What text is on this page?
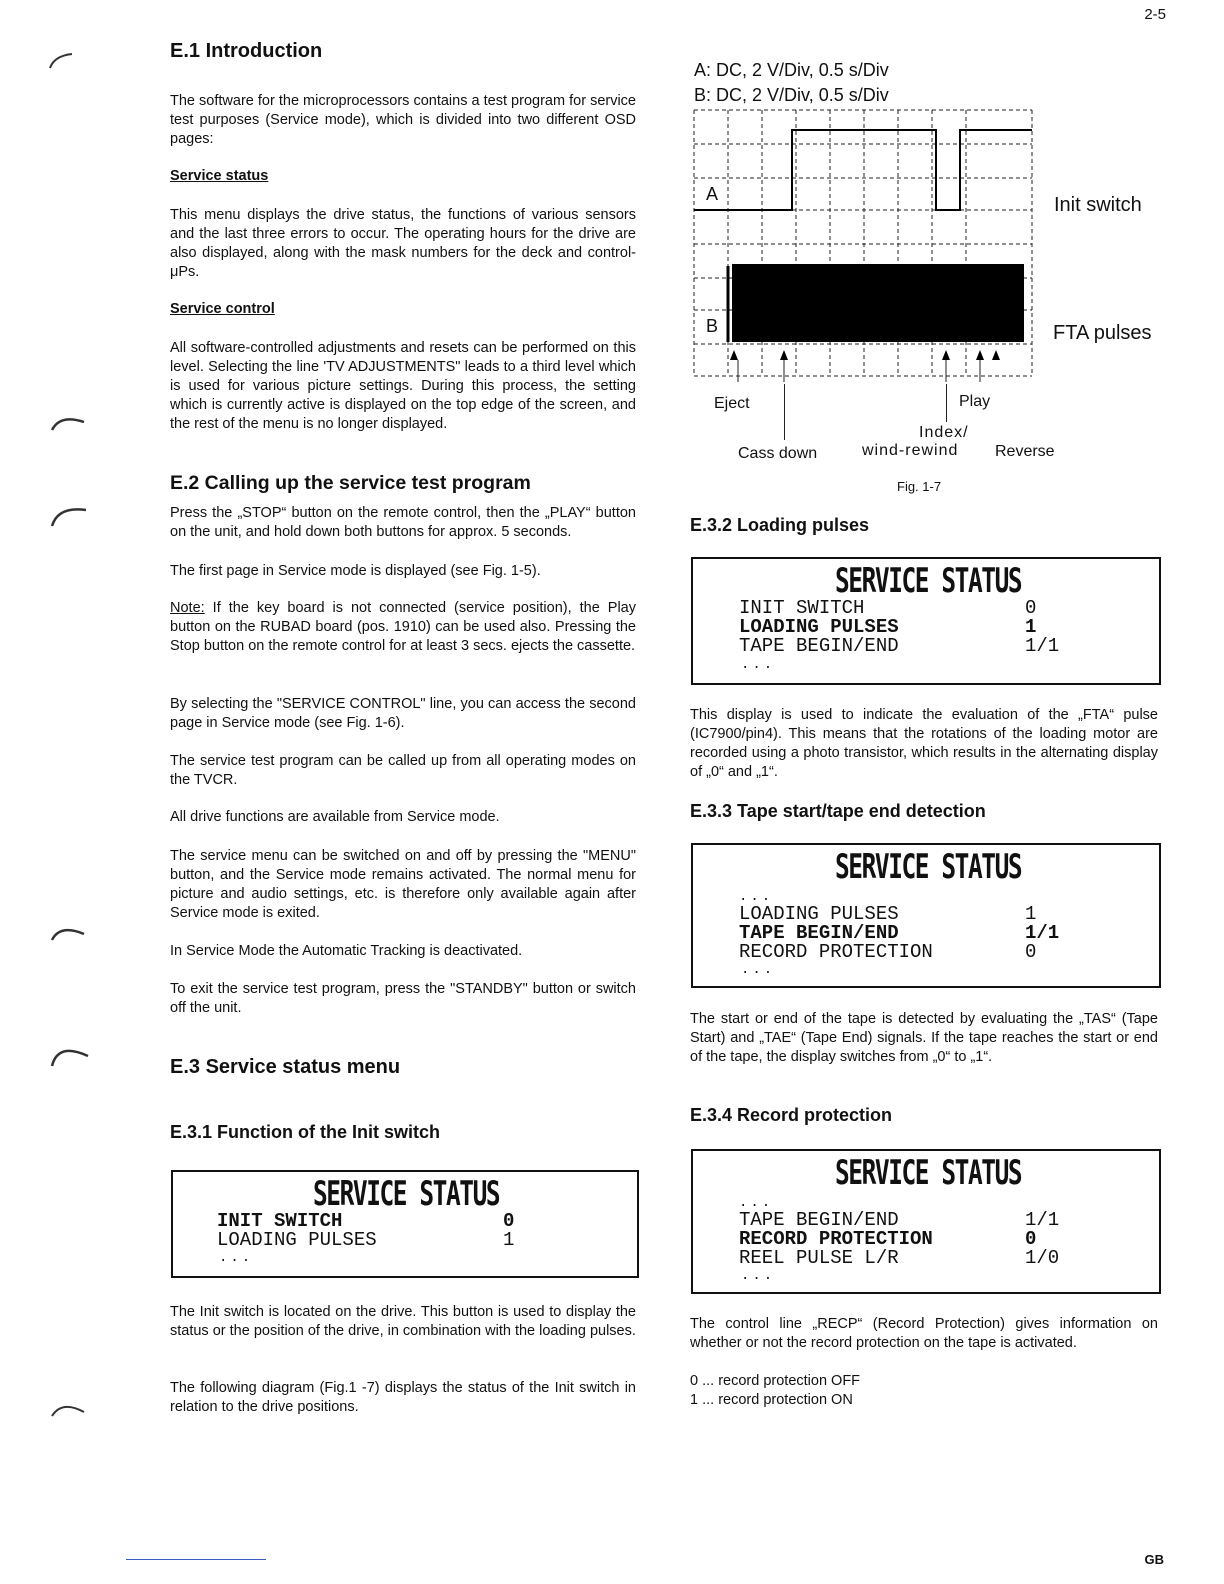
2-5
GB
E.1 Introduction

The software for the microprocessors contains a test program for service test purposes (Service mode), which is divided into two different OSD pages:

Service status

This menu displays the drive status, the functions of various sensors and the last three errors to occur. The operating hours for the drive are also displayed, along with the mask numbers for the deck and control-μPs.

Service control

All software-controlled adjustments and resets can be performed on this level. Selecting the line 'TV ADJUSTMENTS" leads to a third level which is used for various picture settings. During this process, the setting which is currently active is displayed on the top edge of the screen, and the rest of the menu is no longer displayed.

E.2 Calling up the service test program

Press the „STOP“ button on the remote control, then the „PLAY“ button on the unit, and hold down both buttons for approx. 5 seconds.

The first page in Service mode is displayed (see Fig. 1-5).

Note: If the key board is not connected (service position), the Play button on the RUBAD board (pos. 1910) can be used also. Pressing the Stop button on the remote control for at least 3 secs. ejects the cassette.

By selecting the "SERVICE CONTROL" line, you can access the second page in Service mode (see Fig. 1-6).

The service test program can be called up from all operating modes on the TVCR.

All drive functions are available from Service mode.

The service menu can be switched on and off by pressing the "MENU" button, and the Service mode remains activated. The normal menu for picture and audio settings, etc. is therefore only available again after Service mode is exited.

In Service Mode the Automatic Tracking is deactivated.

To exit the service test program, press the "STANDBY" button or switch off the unit.

E.3 Service status menu
E.3.1 Function of the Init switch
SERVICE STATUS
INIT SWITCH	0
LOADING PULSES	1
...

The Init switch is located on the drive. This button is used to display the status or the position of the drive, in combination with the loading pulses.

The following diagram (Fig.1 -7) displays the status of the Init switch in relation to the drive positions.

A: DC, 2 V/Div, 0.5 s/Div
B: DC, 2 V/Div, 0.5 s/Div
A
B
Init switch
FTA pulses
Eject	Play
Index/
Cass down	wind-rewind Reverse
Fig. 1-7
E.3.2 Loading pulses
SERVICE STATUS
INIT SWITCH	0
LOADING PULSES	1
TAPE BEGIN/END	1/1
...

This display is used to indicate the evaluation of the „FTA“ pulse (IC7900/pin4). This means that the rotations of the loading motor are recorded using a photo transistor, which results in the alternating display of „0“ and „1“.

E.3.3 Tape start/tape end detection
SERVICE STATUS
...
LOADING PULSES	1
TAPE BEGIN/END	1/1
RECORD PROTECTION	0
...

The start or end of the tape is detected by evaluating the „TAS“ (Tape Start) and „TAE“ (Tape End) signals. If the tape reaches the start or end of the tape, the display switches from „0“ to „1“.

E.3.4 Record protection
SERVICE STATUS
...
TAPE BEGIN/END	1/1
RECORD PROTECTION	0
REEL PULSE L/R	1/0
...

The control line „RECP“ (Record Protection) gives information on whether or not the record protection on the tape is activated.

0 ... record protection OFF

1 ... record protection ON
